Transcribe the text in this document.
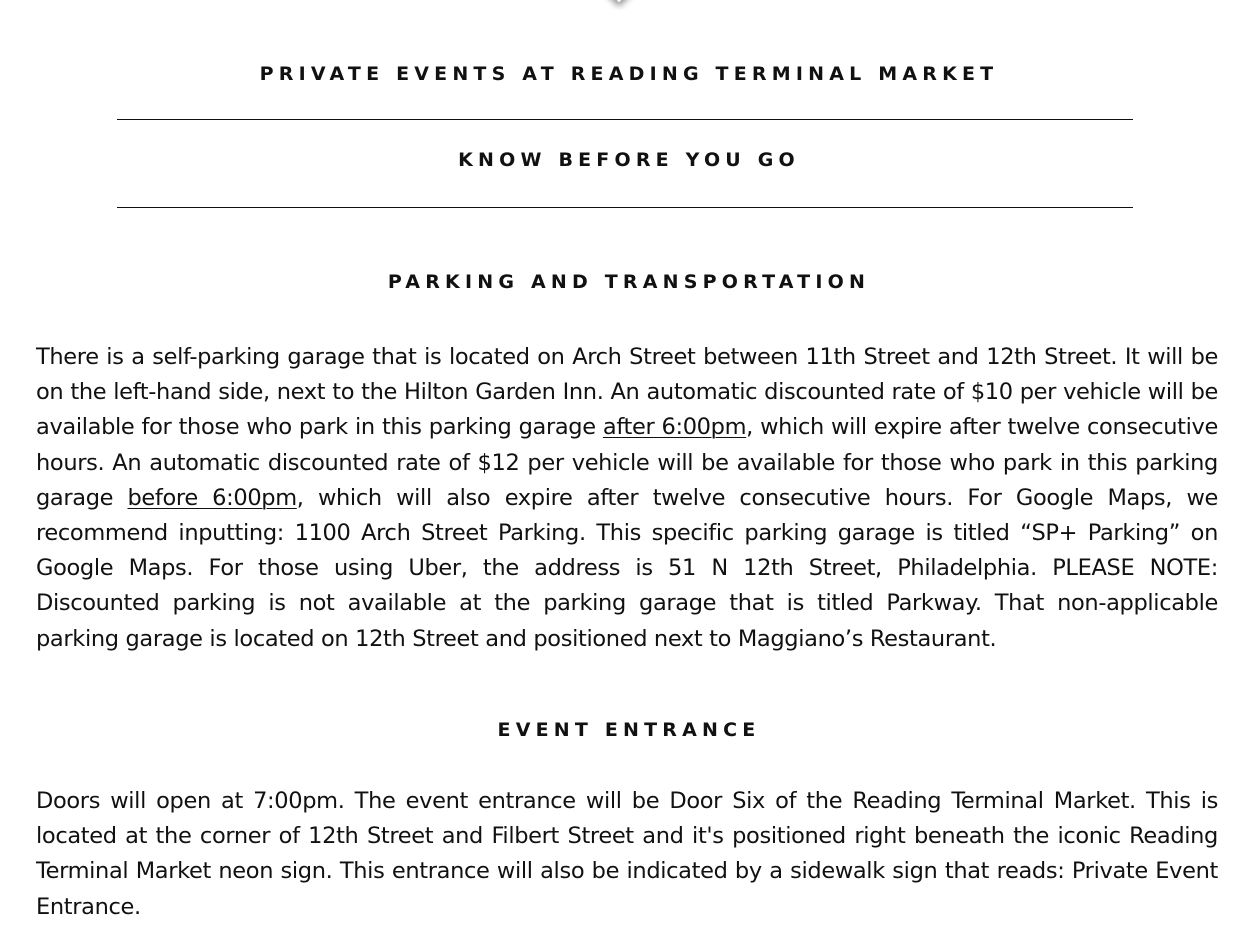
PRIVATE EVENTS AT READING TERMINAL MARKET
KNOW BEFORE YOU GO
PARKING AND TRANSPORTATION
There is a self-parking garage that is located on Arch Street between 11th Street and 12th Street. It will be on the left-hand side, next to the Hilton Garden Inn. An automatic discounted rate of $10 per vehicle will be available for those who park in this parking garage after 6:00pm, which will expire after twelve consecutive hours. An automatic discounted rate of $12 per vehicle will be available for those who park in this parking garage before 6:00pm, which will also expire after twelve consecutive hours. For Google Maps, we recommend inputting: 1100 Arch Street Parking. This specific parking garage is titled “SP+ Parking” on Google Maps. For those using Uber, the address is 51 N 12th Street, Philadelphia. PLEASE NOTE: Discounted parking is not available at the parking garage that is titled Parkway. That non-applicable parking garage is located on 12th Street and positioned next to Maggiano’s Restaurant.
EVENT ENTRANCE
Doors will open at 7:00pm. The event entrance will be Door Six of the Reading Terminal Market. This is located at the corner of 12th Street and Filbert Street and it's positioned right beneath the iconic Reading Terminal Market neon sign. This entrance will also be indicated by a sidewalk sign that reads: Private Event Entrance.
